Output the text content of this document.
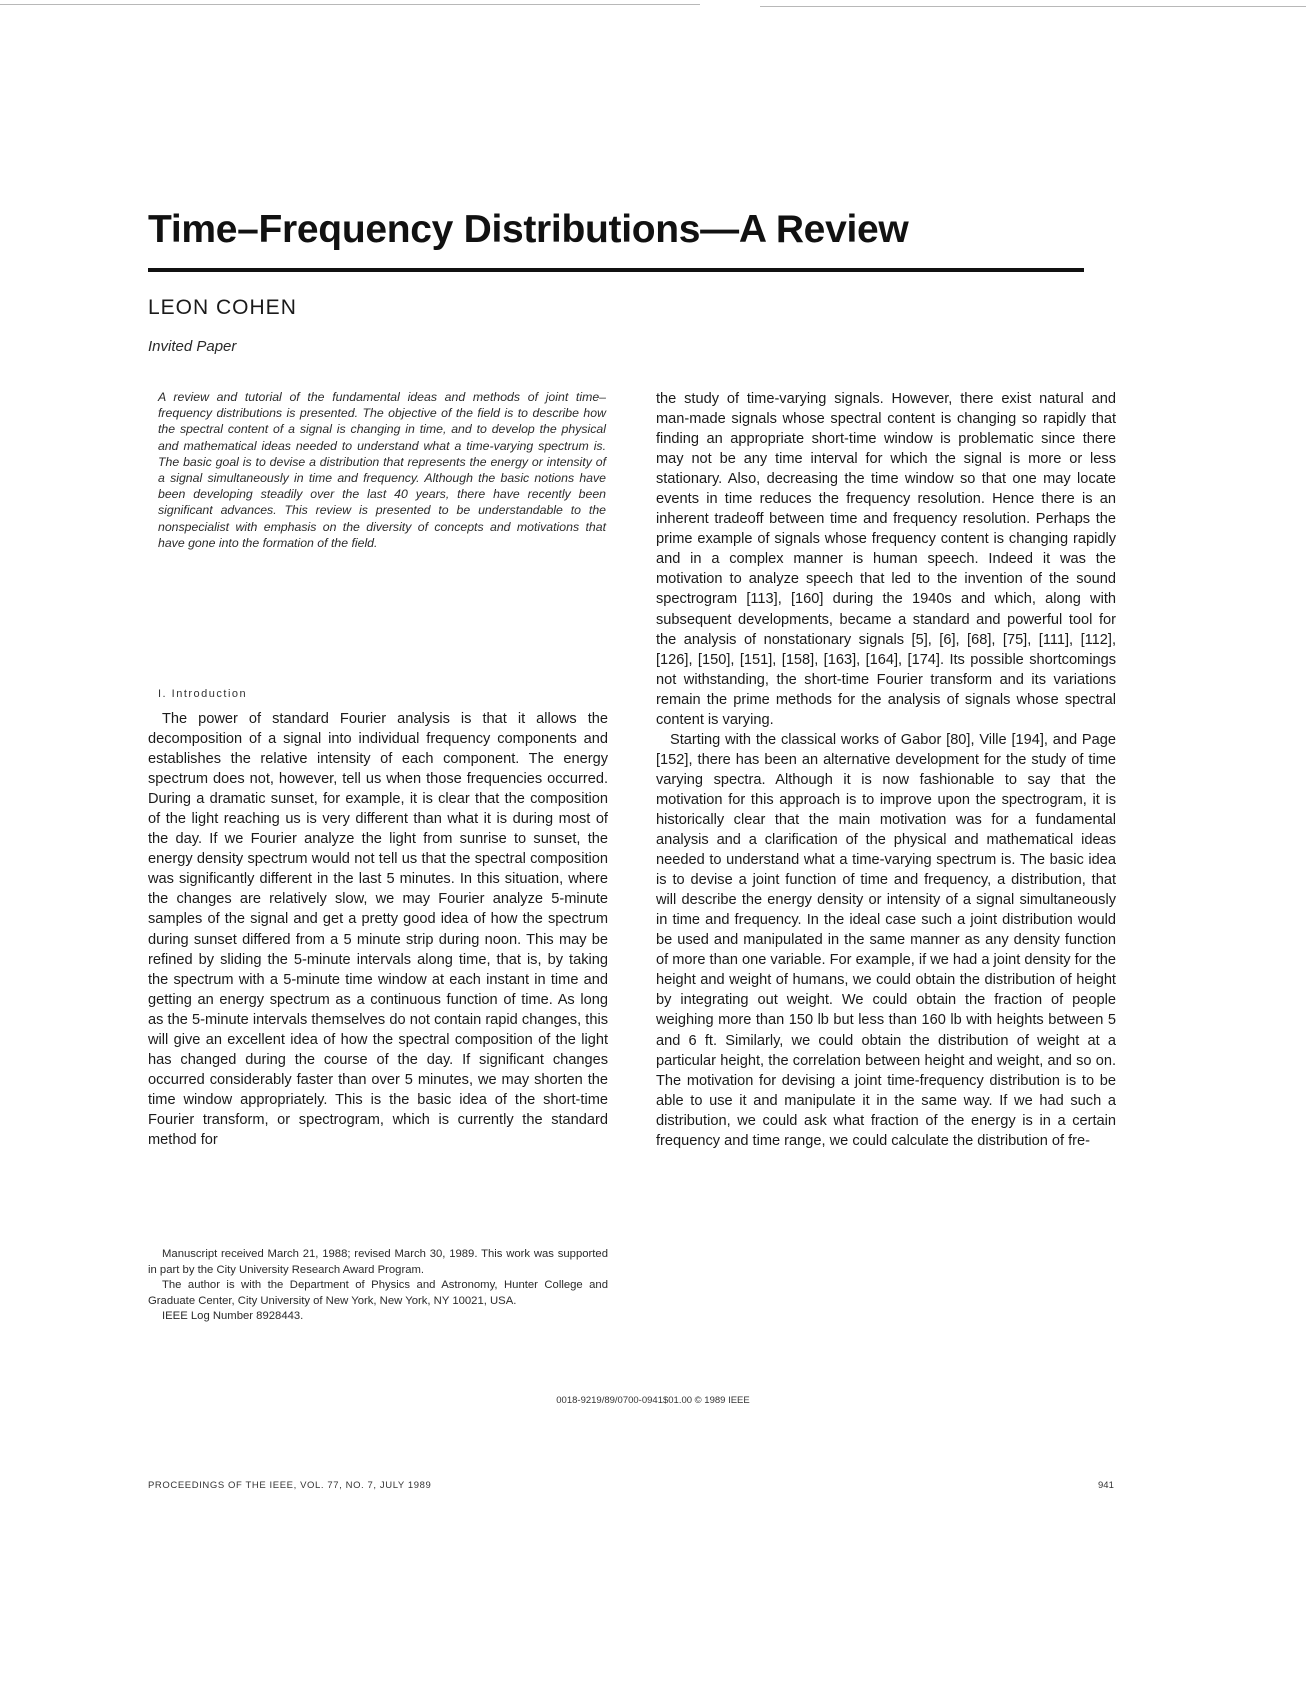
Time–Frequency Distributions—A Review
LEON COHEN
Invited Paper

A review and tutorial of the fundamental ideas and methods of joint time–frequency distributions is presented. The objective of the field is to describe how the spectral content of a signal is changing in time, and to develop the physical and mathematical ideas needed to understand what a time-varying spectrum is. The basic goal is to devise a distribution that represents the energy or intensity of a signal simultaneously in time and frequency. Although the basic notions have been developing steadily over the last 40 years, there have recently been significant advances. This review is presented to be understandable to the nonspecialist with emphasis on the diversity of concepts and motivations that have gone into the formation of the field.

I. Introduction

The power of standard Fourier analysis is that it allows the decomposition of a signal into individual frequency components and establishes the relative intensity of each component. The energy spectrum does not, however, tell us when those frequencies occurred. During a dramatic sunset, for example, it is clear that the composition of the light reaching us is very different than what it is during most of the day. If we Fourier analyze the light from sunrise to sunset, the energy density spectrum would not tell us that the spectral composition was significantly different in the last 5 minutes. In this situation, where the changes are relatively slow, we may Fourier analyze 5-minute samples of the signal and get a pretty good idea of how the spectrum during sunset differed from a 5 minute strip during noon. This may be refined by sliding the 5-minute intervals along time, that is, by taking the spectrum with a 5-minute time window at each instant in time and getting an energy spectrum as a continuous function of time. As long as the 5-minute intervals themselves do not contain rapid changes, this will give an excellent idea of how the spectral composition of the light has changed during the course of the day. If significant changes occurred considerably faster than over 5 minutes, we may shorten the time window appropriately. This is the basic idea of the short-time Fourier transform, or spectrogram, which is currently the standard method for

Manuscript received March 21, 1988; revised March 30, 1989. This work was supported in part by the City University Research Award Program.

The author is with the Department of Physics and Astronomy, Hunter College and Graduate Center, City University of New York, New York, NY 10021, USA.

IEEE Log Number 8928443.

the study of time-varying signals. However, there exist natural and man-made signals whose spectral content is changing so rapidly that finding an appropriate short-time window is problematic since there may not be any time interval for which the signal is more or less stationary. Also, decreasing the time window so that one may locate events in time reduces the frequency resolution. Hence there is an inherent tradeoff between time and frequency resolution. Perhaps the prime example of signals whose frequency content is changing rapidly and in a complex manner is human speech. Indeed it was the motivation to analyze speech that led to the invention of the sound spectrogram [113], [160] during the 1940s and which, along with subsequent developments, became a standard and powerful tool for the analysis of nonstationary signals [5], [6], [68], [75], [111], [112], [126], [150], [151], [158], [163], [164], [174]. Its possible shortcomings not withstanding, the short-time Fourier transform and its variations remain the prime methods for the analysis of signals whose spectral content is varying.

Starting with the classical works of Gabor [80], Ville [194], and Page [152], there has been an alternative development for the study of time varying spectra. Although it is now fashionable to say that the motivation for this approach is to improve upon the spectrogram, it is historically clear that the main motivation was for a fundamental analysis and a clarification of the physical and mathematical ideas needed to understand what a time-varying spectrum is. The basic idea is to devise a joint function of time and frequency, a distribution, that will describe the energy density or intensity of a signal simultaneously in time and frequency. In the ideal case such a joint distribution would be used and manipulated in the same manner as any density function of more than one variable. For example, if we had a joint density for the height and weight of humans, we could obtain the distribution of height by integrating out weight. We could obtain the fraction of people weighing more than 150 lb but less than 160 lb with heights between 5 and 6 ft. Similarly, we could obtain the distribution of weight at a particular height, the correlation between height and weight, and so on. The motivation for devising a joint time-frequency distribution is to be able to use it and manipulate it in the same way. If we had such a distribution, we could ask what fraction of the energy is in a certain frequency and time range, we could calculate the distribution of fre-

0018-9219/89/0700-0941$01.00 © 1989 IEEE
PROCEEDINGS OF THE IEEE, VOL. 77, NO. 7, JULY 1989	941
